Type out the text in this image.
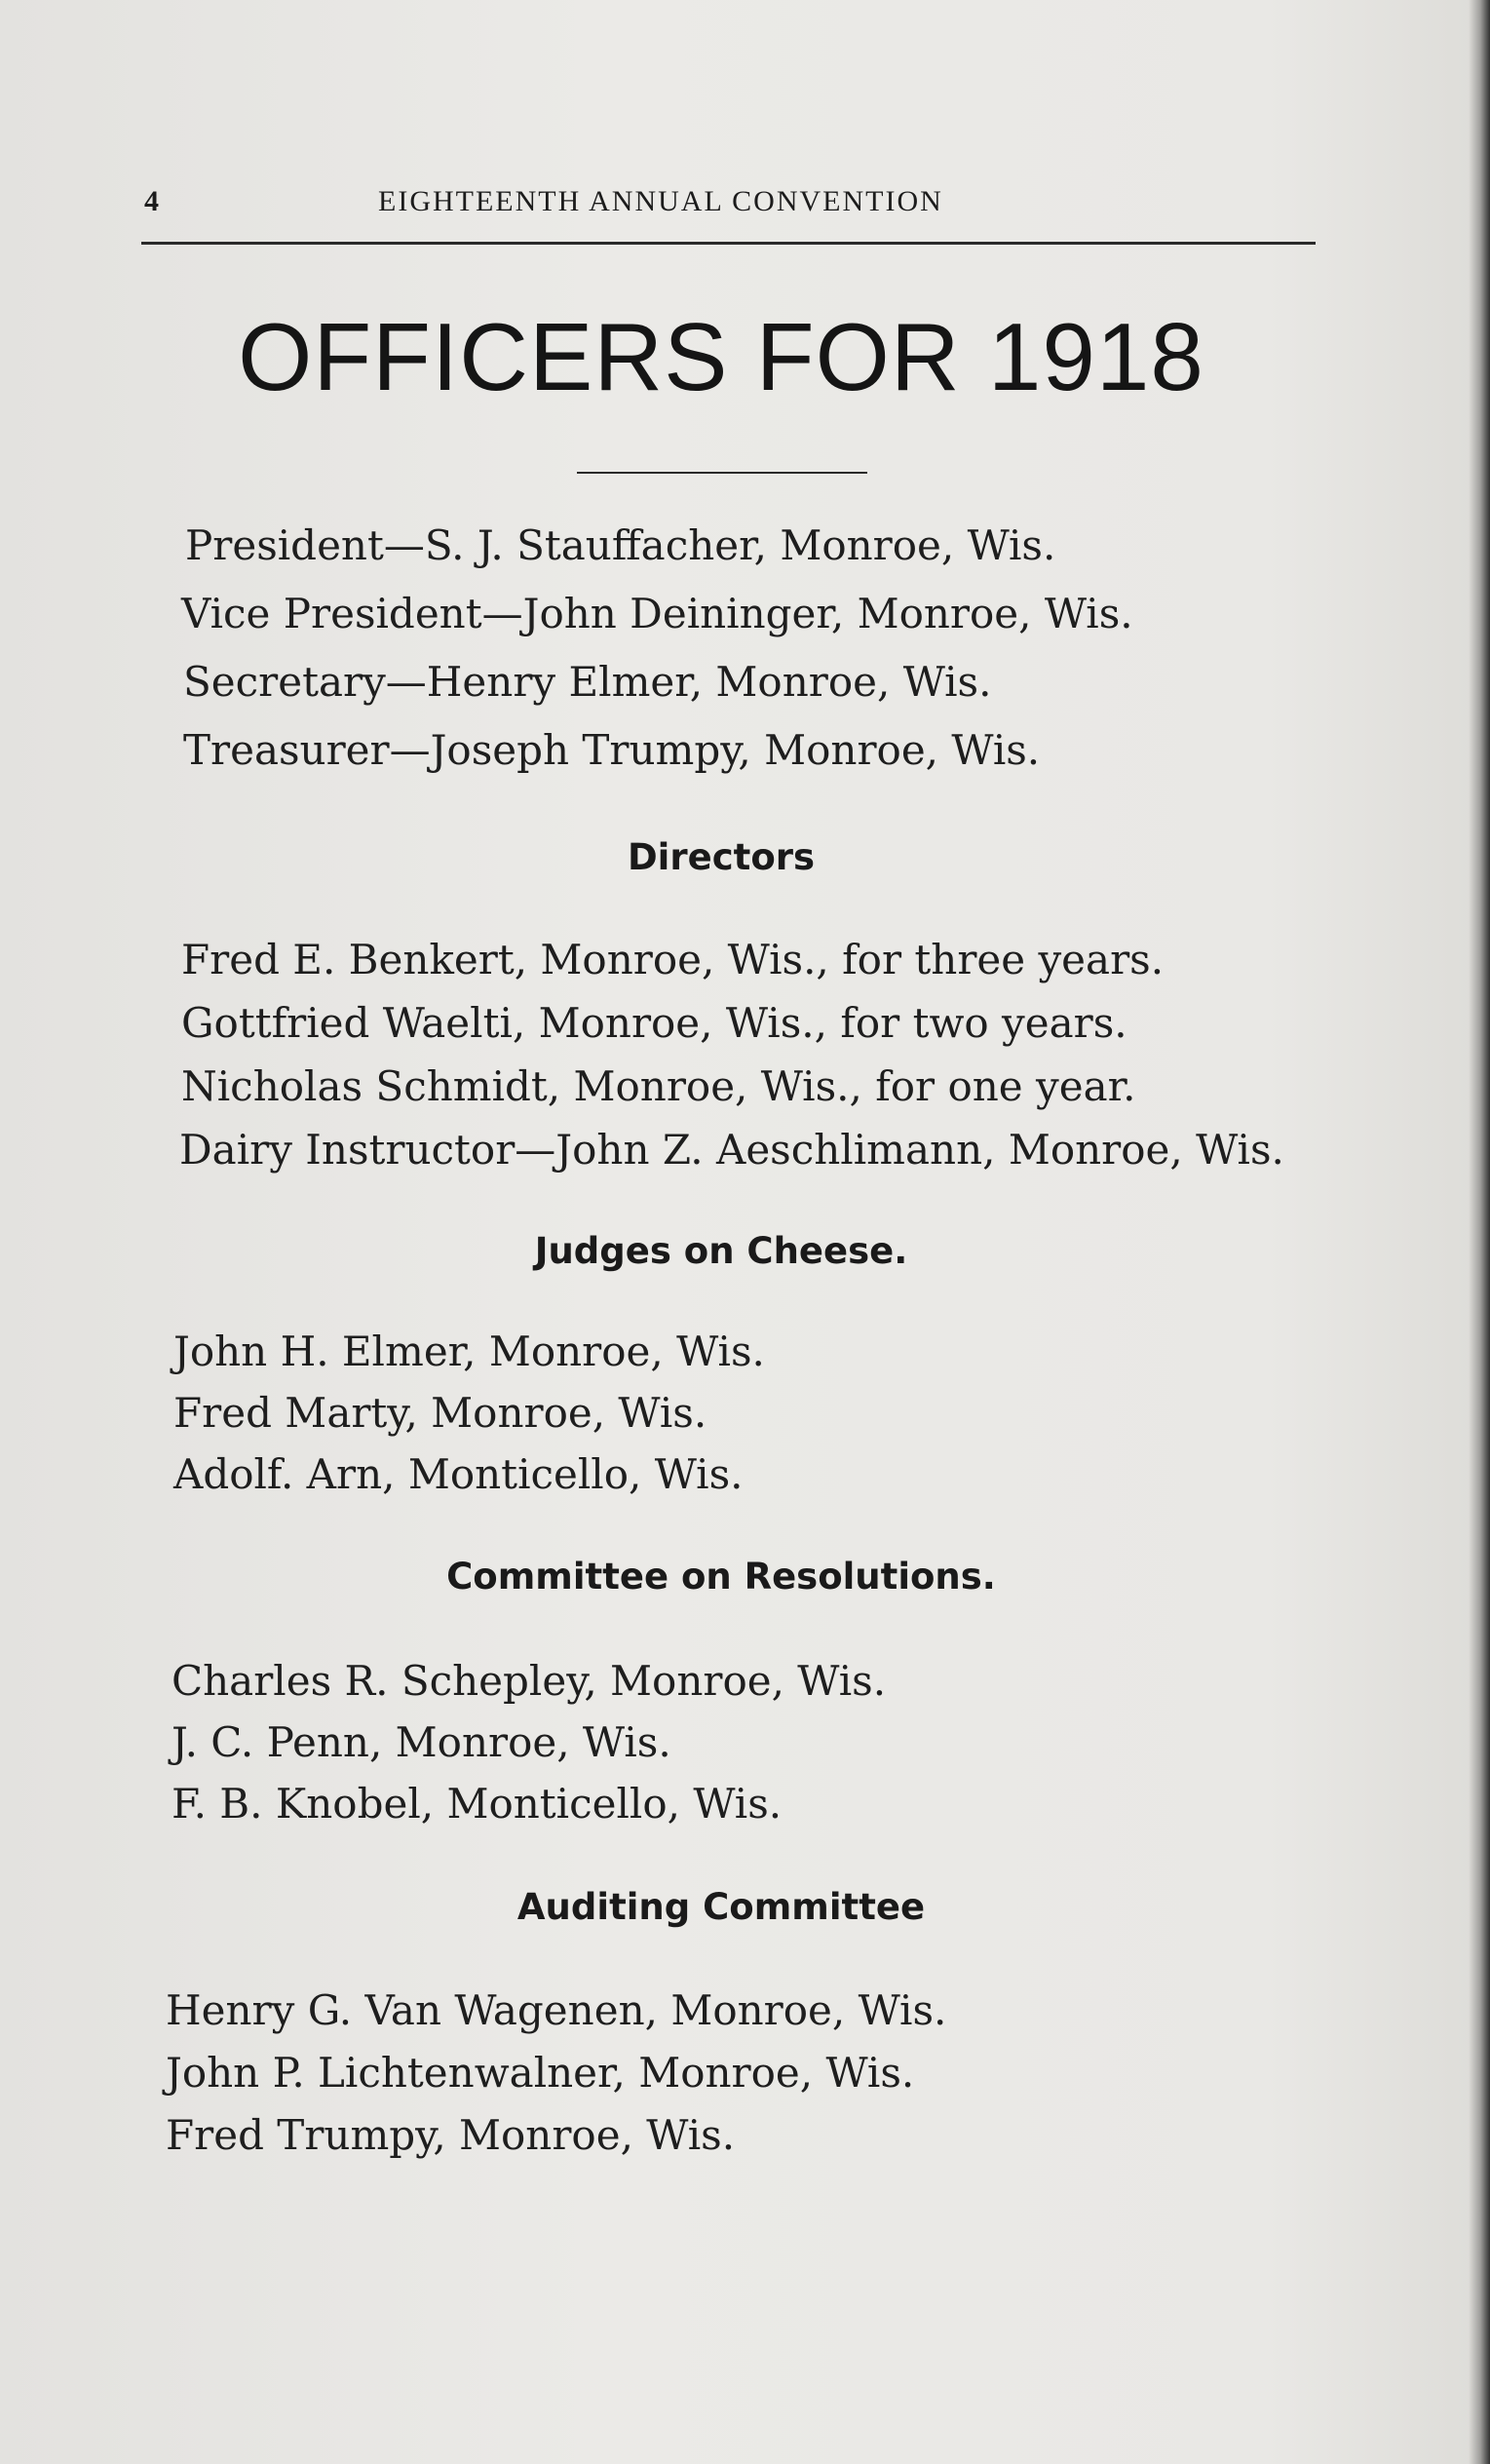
4	EIGHTEENTH ANNUAL CONVENTION
OFFICERS FOR 1918
President—S. J. Stauffacher, Monroe, Wis.
Vice President—John Deininger, Monroe, Wis.
Secretary—Henry Elmer, Monroe, Wis.
Treasurer—Joseph Trumpy, Monroe, Wis.
Directors
Fred E. Benkert, Monroe, Wis., for three years.
Gottfried Waelti, Monroe, Wis., for two years.
Nicholas Schmidt, Monroe, Wis., for one year.
Dairy Instructor—John Z. Aeschlimann, Monroe, Wis.
Judges on Cheese.
John H. Elmer, Monroe, Wis.
Fred Marty, Monroe, Wis.
Adolf. Arn, Monticello, Wis.
Committee on Resolutions.
Charles R. Schepley, Monroe, Wis.
J. C. Penn, Monroe, Wis.
F. B. Knobel, Monticello, Wis.
Auditing Committee
Henry G. Van Wagenen, Monroe, Wis.
John P. Lichtenwalner, Monroe, Wis.
Fred Trumpy, Monroe, Wis.
